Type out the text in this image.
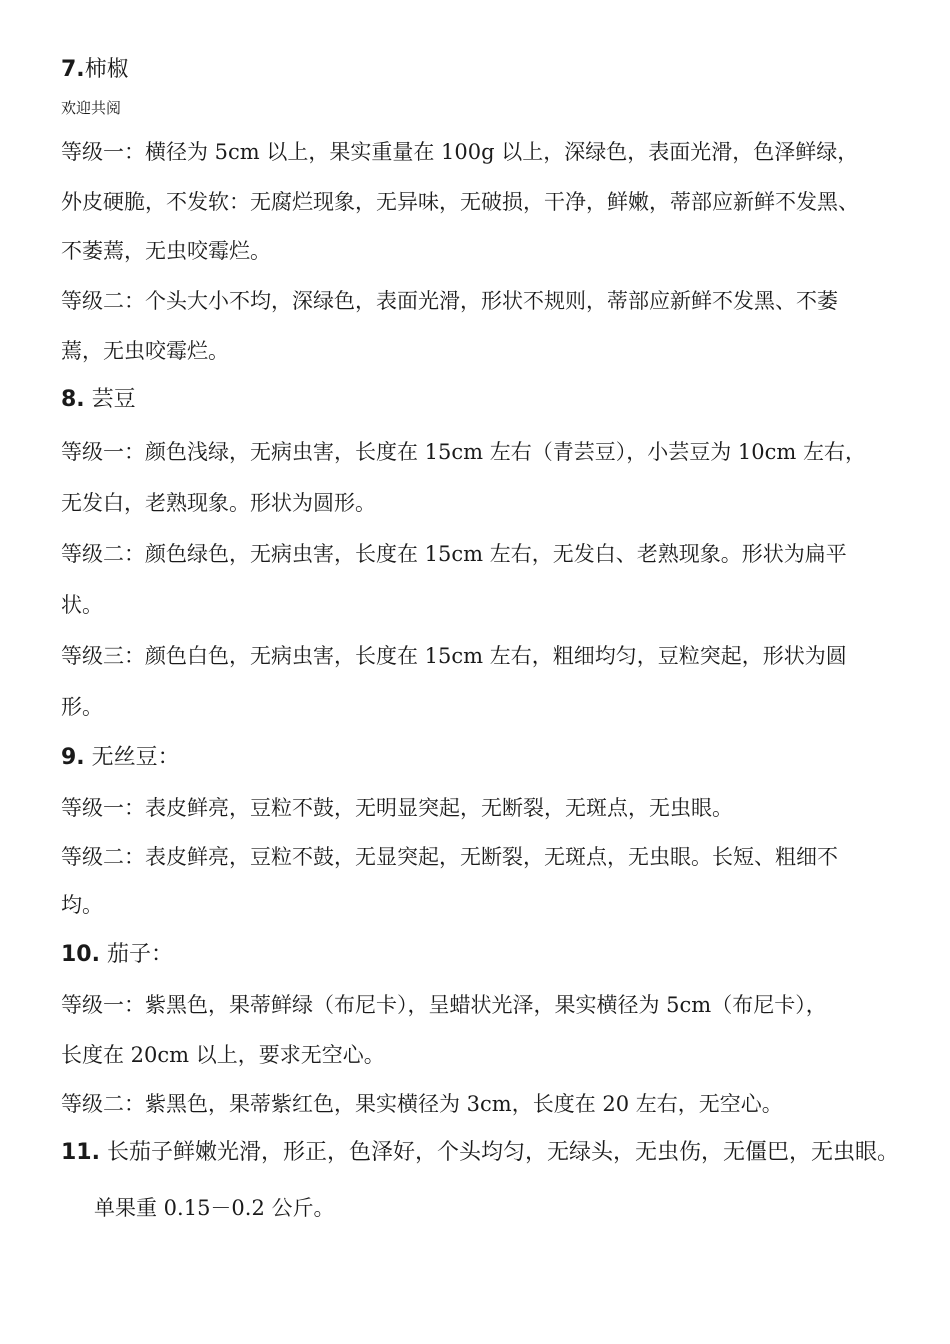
7.柿椒
欢迎共阅
等级一：横径为 5cm 以上，果实重量在 100g 以上，深绿色，表面光滑，色泽鲜绿，
外皮硬脆，不发软：无腐烂现象，无异味，无破损，干净，鲜嫩，蒂部应新鲜不发黑、
不萎蔫，无虫咬霉烂。
等级二：个头大小不均，深绿色，表面光滑，形状不规则，蒂部应新鲜不发黑、不萎
蔫，无虫咬霉烂。
8. 芸豆
等级一：颜色浅绿，无病虫害，长度在 15cm 左右（青芸豆），小芸豆为 10cm 左右，
无发白，老熟现象。形状为圆形。
等级二：颜色绿色，无病虫害，长度在 15cm 左右，无发白、老熟现象。形状为扁平
状。
等级三：颜色白色，无病虫害，长度在 15cm 左右，粗细均匀，豆粒突起，形状为圆
形。
9. 无丝豆：
等级一：表皮鲜亮，豆粒不鼓，无明显突起，无断裂，无斑点，无虫眼。
等级二：表皮鲜亮，豆粒不鼓，无显突起，无断裂，无斑点，无虫眼。长短、粗细不
均。
10. 茄子：
等级一：紫黑色，果蒂鲜绿（布尼卡），呈蜡状光泽，果实横径为 5cm（布尼卡），
长度在 20cm 以上，要求无空心。
等级二：紫黑色，果蒂紫红色，果实横径为 3cm，长度在 20 左右，无空心。
11. 长茄子鲜嫩光滑，形正，色泽好，个头均匀，无绿头，无虫伤，无僵巴，无虫眼。
单果重 0.15－0.2 公斤。
